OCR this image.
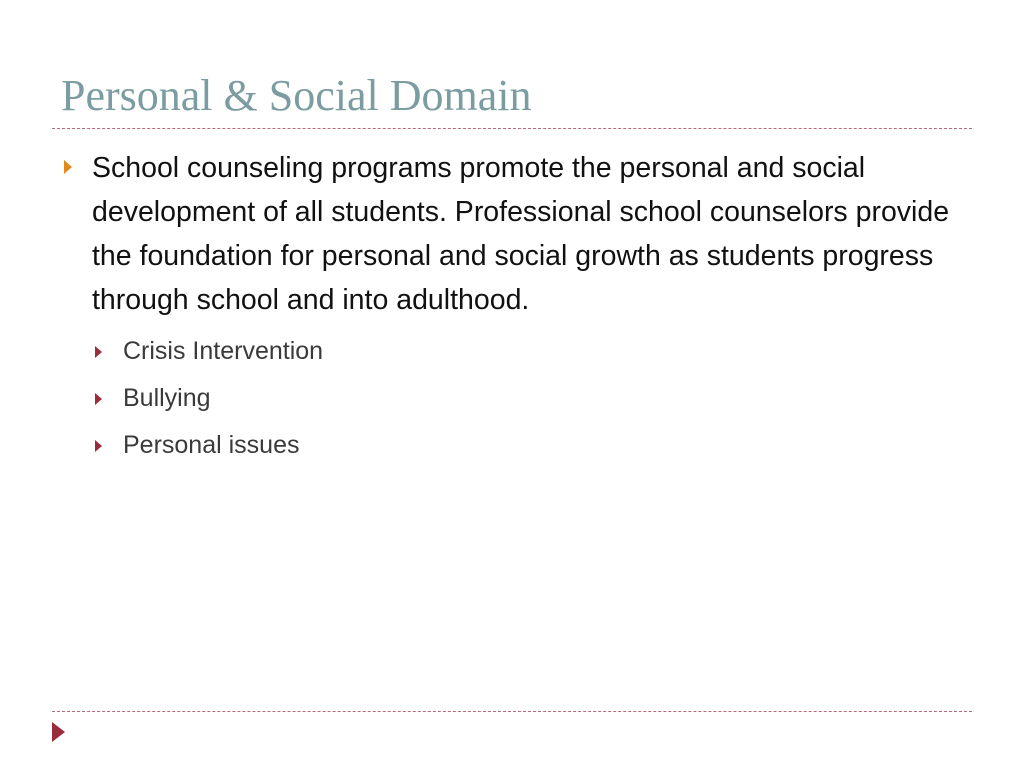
Personal & Social Domain
School counseling programs promote the personal and social development of all students. Professional school counselors provide the foundation for personal and social growth as students progress through school and into adulthood.
Crisis Intervention
Bullying
Personal issues
